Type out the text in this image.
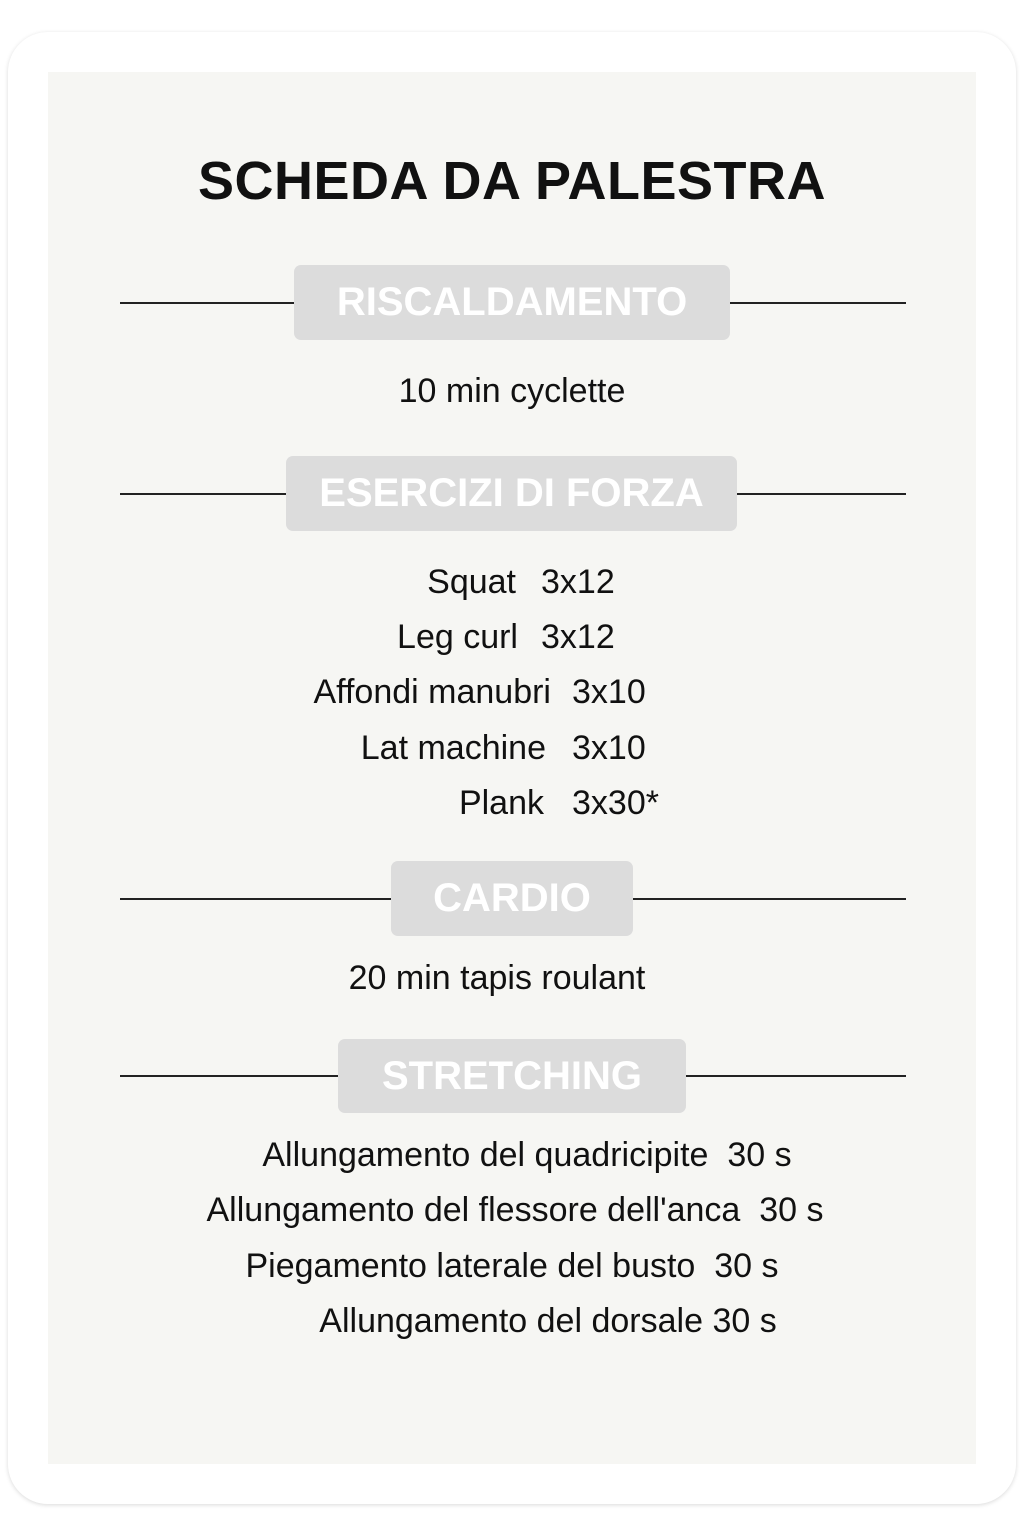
SCHEDA DA PALESTRA
RISCALDAMENTO
10 min cyclette
ESERCIZI DI FORZA
Squat 3x12
Leg curl 3x12
Affondi manubri 3x10
Lat machine 3x10
Plank 3x30*
CARDIO
20 min tapis roulant
STRETCHING
Allungamento del quadricipite 30 s
Allungamento del flessore dell'anca 30 s
Piegamento laterale del busto 30 s
Allungamento del dorsale 30 s
